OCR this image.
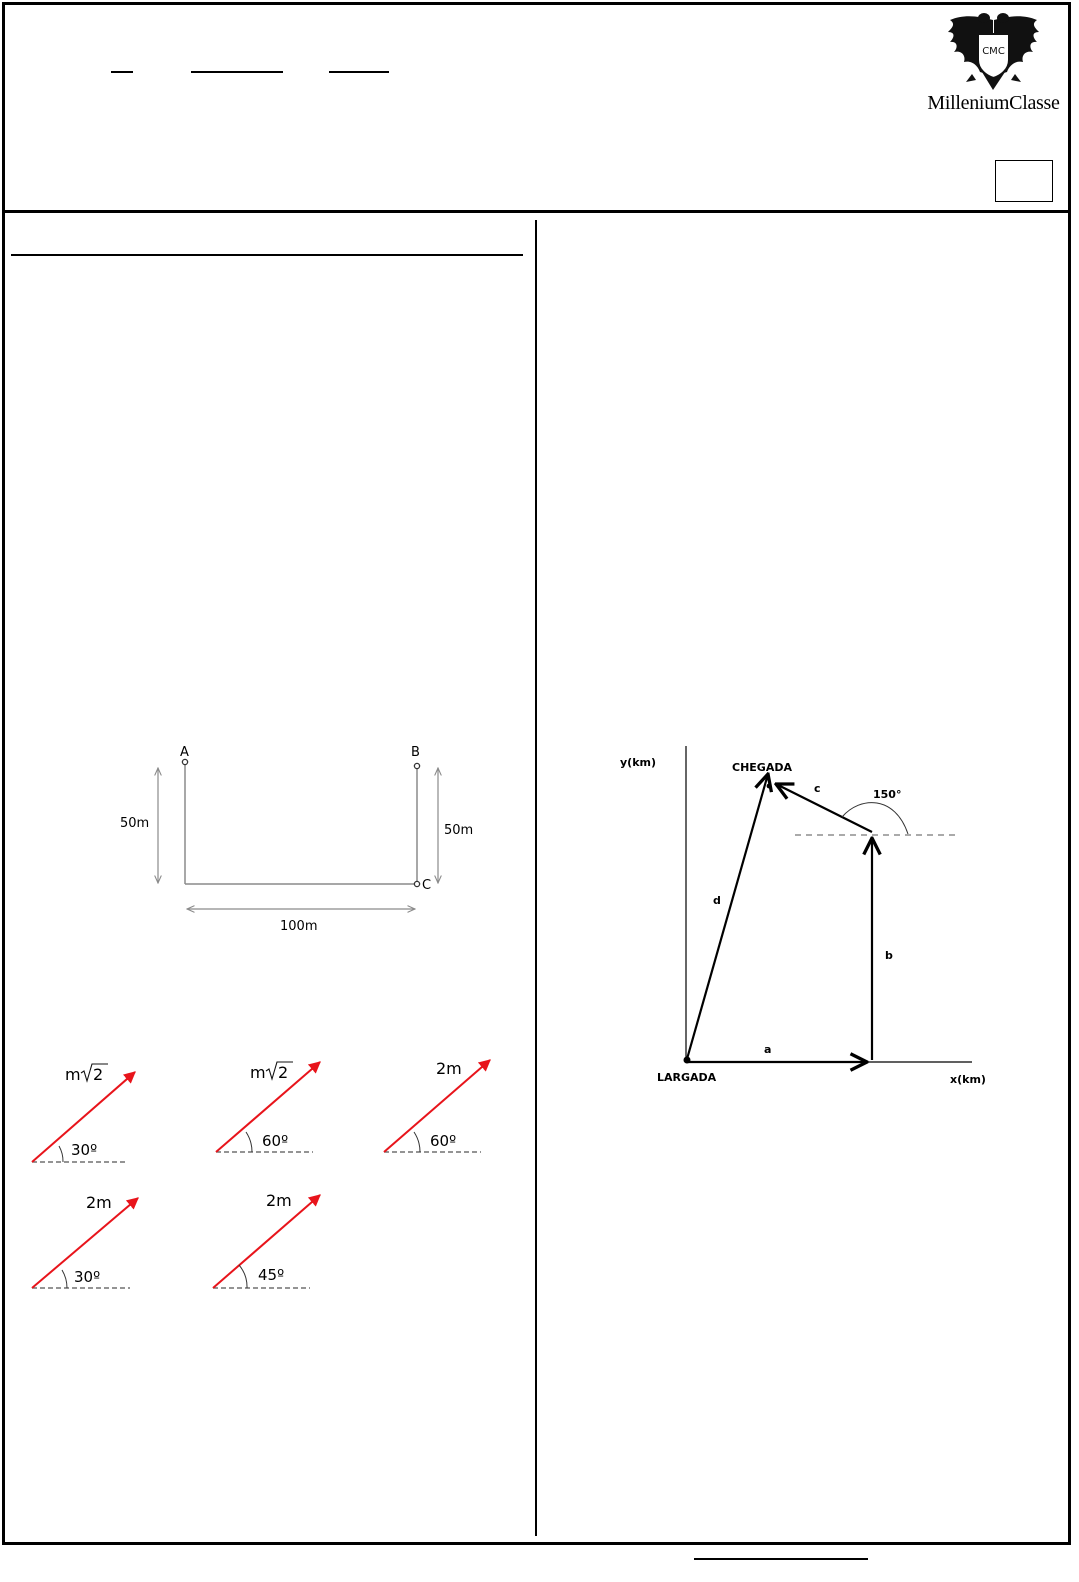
CMC
MilleniumClasse
A	B
C
50m	50m
100m
30º
m 2
60º
m 2
60º
2m
30º
2m
45º
2m
y(km)
x(km)
LARGADA
CHEGADA
a
b
c
d
150°
